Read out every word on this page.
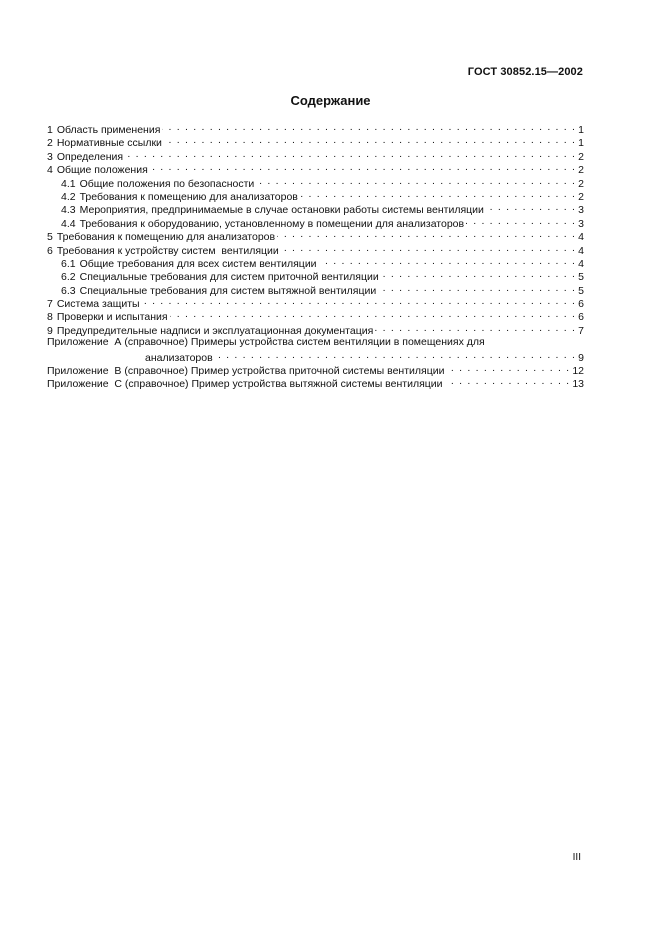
ГОСТ 30852.15—2002
Содержание
1 Область применения . . .	1
2 Нормативные ссылки . . .	1
3 Определения . . .	2
4 Общие положения . . .	2
4.1 Общие положения по безопасности . . .	2
4.2 Требования к помещению для анализаторов . . .	2
4.3 Мероприятия, предпринимаемые в случае остановки работы системы вентиляции . . .	3
4.4 Требования к оборудованию, установленному в помещении для анализаторов . . .	3
5 Требования к помещению для анализаторов . . .	4
6 Требования к устройству систем  вентиляции . . .	4
6.1 Общие требования для всех систем вентиляции . . .	4
6.2 Специальные требования для систем приточной вентиляции . . .	5
6.3 Специальные требования для систем вытяжной вентиляции . . .	5
7 Система защиты . . .	6
8 Проверки и испытания . . .	6
9 Предупредительные надписи и эксплуатационная документация . . .	7
Приложение  А (справочное) Примеры устройства систем вентиляции в помещениях для
анализаторов . . .	9
Приложение  В (справочное) Пример устройства приточной системы вентиляции . . .	12
Приложение  С (справочное) Пример устройства вытяжной системы вентиляции . . .	13
III
